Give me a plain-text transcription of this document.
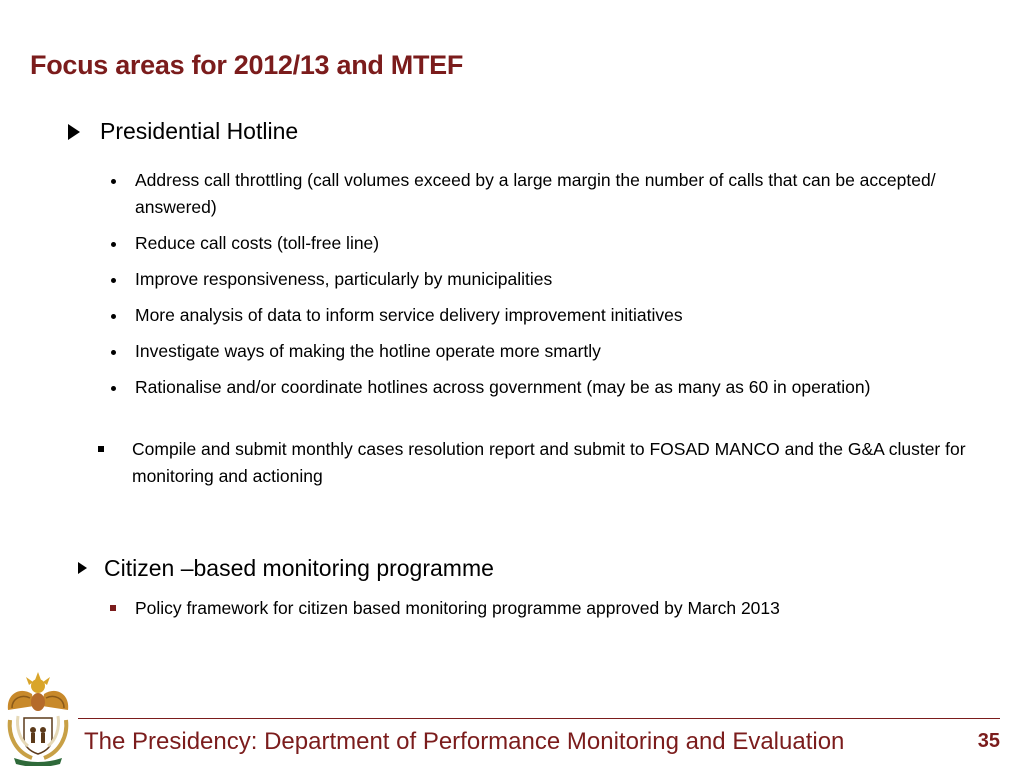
Focus areas for 2012/13 and MTEF
Presidential Hotline
Address call throttling (call volumes exceed by a large margin the number of calls that can be accepted/ answered)
Reduce call costs (toll-free line)
Improve responsiveness, particularly by municipalities
More analysis of data to inform service delivery improvement initiatives
Investigate ways of making the hotline operate more smartly
Rationalise and/or coordinate hotlines across government (may be as many as 60 in operation)
Compile and submit monthly cases resolution report and submit to FOSAD MANCO and the G&A cluster for monitoring and actioning
Citizen –based monitoring programme
Policy framework for citizen based monitoring programme approved by March 2013
The Presidency: Department of Performance Monitoring and Evaluation	35
